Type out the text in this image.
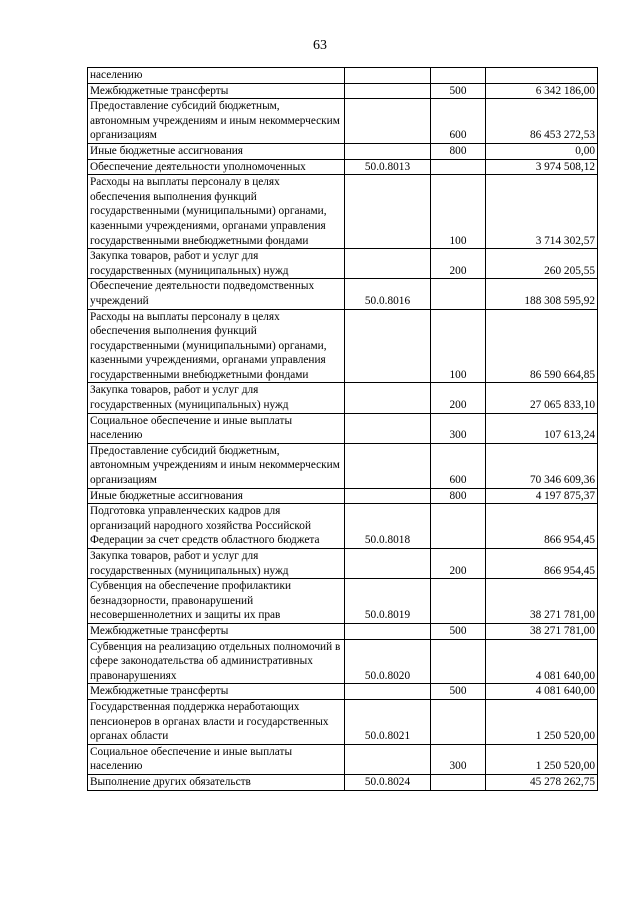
63
населению			
Межбюджетные трансферты		500	6 342 186,00
Предоставление субсидий бюджетным, автономным учреждениям и иным некоммерческим организациям		600	86 453 272,53
Иные бюджетные ассигнования		800	0,00
Обеспечение деятельности уполномоченных	50.0.8013		3 974 508,12
Расходы на выплаты персоналу в целях обеспечения выполнения функций государственными (муниципальными) органами, казенными учреждениями, органами управления государственными внебюджетными фондами		100	3 714 302,57
Закупка товаров, работ и услуг для государственных (муниципальных) нужд		200	260 205,55
Обеспечение деятельности подведомственных учреждений	50.0.8016		188 308 595,92
Расходы на выплаты персоналу в целях обеспечения выполнения функций государственными (муниципальными) органами, казенными учреждениями, органами управления государственными внебюджетными фондами		100	86 590 664,85
Закупка товаров, работ и услуг для государственных (муниципальных) нужд		200	27 065 833,10
Социальное обеспечение и иные выплаты населению		300	107 613,24
Предоставление субсидий бюджетным, автономным учреждениям и иным некоммерческим организациям		600	70 346 609,36
Иные бюджетные ассигнования		800	4 197 875,37
Подготовка управленческих кадров для организаций народного хозяйства Российской Федерации за счет средств областного бюджета	50.0.8018		866 954,45
Закупка товаров, работ и услуг для государственных (муниципальных) нужд		200	866 954,45
Субвенция на обеспечение профилактики безнадзорности, правонарушений несовершеннолетних и защиты их прав	50.0.8019		38 271 781,00
Межбюджетные трансферты		500	38 271 781,00
Субвенция на реализацию отдельных полномочий в сфере законодательства об административных правонарушениях	50.0.8020		4 081 640,00
Межбюджетные трансферты		500	4 081 640,00
Государственная поддержка неработающих пенсионеров в органах власти и государственных органах области	50.0.8021		1 250 520,00
Социальное обеспечение и иные выплаты населению		300	1 250 520,00
Выполнение других обязательств	50.0.8024		45 278 262,75
